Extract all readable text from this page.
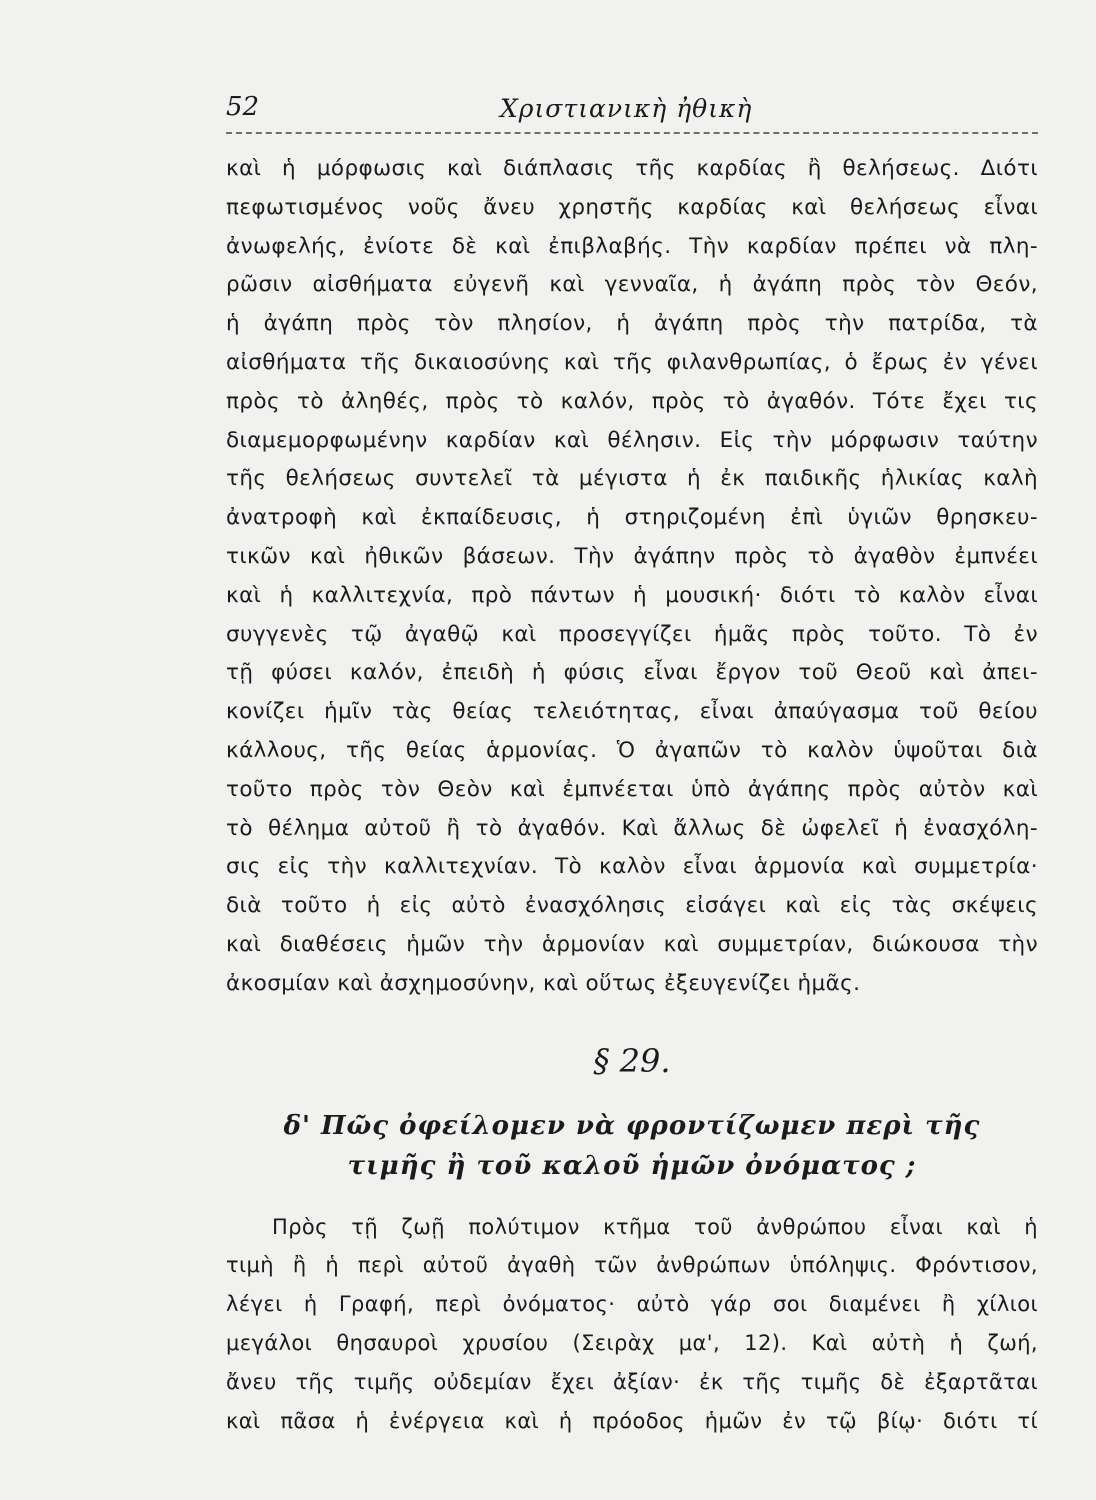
52	Χριστιανικὴ ἠθικὴ
καὶ ἡ μόρφωσις καὶ διάπλασις τῆς καρδίας ἢ θελήσεως. Διότι
πεφωτισμένος νοῦς ἄνευ χρηστῆς καρδίας καὶ θελήσεως εἶναι
ἀνωφελής, ἐνίοτε δὲ καὶ ἐπιβλαβής. Τὴν καρδίαν πρέπει νὰ πλη-
ρῶσιν αἰσθήματα εὐγενῆ καὶ γενναῖα, ἡ ἀγάπη πρὸς τὸν Θεόν,
ἡ ἀγάπη πρὸς τὸν πλησίον, ἡ ἀγάπη πρὸς τὴν πατρίδα, τὰ
αἰσθήματα τῆς δικαιοσύνης καὶ τῆς φιλανθρωπίας, ὁ ἔρως ἐν γένει
πρὸς τὸ ἀληθές, πρὸς τὸ καλόν, πρὸς τὸ ἀγαθόν. Τότε ἔχει τις
διαμεμορφωμένην καρδίαν καὶ θέλησιν. Εἰς τὴν μόρφωσιν ταύτην
τῆς θελήσεως συντελεῖ τὰ μέγιστα ἡ ἐκ παιδικῆς ἡλικίας καλὴ
ἀνατροφὴ καὶ ἐκπαίδευσις, ἡ στηριζομένη ἐπὶ ὑγιῶν θρησκευ-
τικῶν καὶ ἠθικῶν βάσεων. Τὴν ἀγάπην πρὸς τὸ ἀγαθὸν ἐμπνέει
καὶ ἡ καλλιτεχνία, πρὸ πάντων ἡ μουσική· διότι τὸ καλὸν εἶναι
συγγενὲς τῷ ἀγαθῷ καὶ προσεγγίζει ἡμᾶς πρὸς τοῦτο. Τὸ ἐν
τῇ φύσει καλόν, ἐπειδὴ ἡ φύσις εἶναι ἔργον τοῦ Θεοῦ καὶ ἀπει-
κονίζει ἡμῖν τὰς θείας τελειότητας, εἶναι ἀπαύγασμα τοῦ θείου
κάλλους, τῆς θείας ἁρμονίας. Ὁ ἀγαπῶν τὸ καλὸν ὑψοῦται διὰ
τοῦτο πρὸς τὸν Θεὸν καὶ ἐμπνέεται ὑπὸ ἀγάπης πρὸς αὐτὸν καὶ
τὸ θέλημα αὐτοῦ ἢ τὸ ἀγαθόν. Καὶ ἄλλως δὲ ὠφελεῖ ἡ ἐνασχόλη-
σις εἰς τὴν καλλιτεχνίαν. Τὸ καλὸν εἶναι ἁρμονία καὶ συμμετρία·
διὰ τοῦτο ἡ εἰς αὐτὸ ἐνασχόλησις εἰσάγει καὶ εἰς τὰς σκέψεις
καὶ διαθέσεις ἡμῶν τὴν ἁρμονίαν καὶ συμμετρίαν, διώκουσα τὴν
ἀκοσμίαν καὶ ἀσχημοσύνην, καὶ οὕτως ἐξευγενίζει ἡμᾶς.
§ 29.
δ' Πῶς ὀφείλομεν νὰ φροντίζωμεν περὶ τῆς
τιμῆς ἢ τοῦ καλοῦ ἡμῶν ὀνόματος ;
Πρὸς τῇ ζωῇ πολύτιμον κτῆμα τοῦ ἀνθρώπου εἶναι καὶ ἡ
τιμὴ ἢ ἡ περὶ αὐτοῦ ἀγαθὴ τῶν ἀνθρώπων ὑπόληψις. Φρόντισον,
λέγει ἡ Γραφή, περὶ ὀνόματος· αὐτὸ γάρ σοι διαμένει ἢ χίλιοι
μεγάλοι θησαυροὶ χρυσίου (Σειρὰχ μα', 12). Καὶ αὐτὴ ἡ ζωή,
ἄνευ τῆς τιμῆς οὐδεμίαν ἔχει ἀξίαν· ἐκ τῆς τιμῆς δὲ ἐξαρτᾶται
καὶ πᾶσα ἡ ἐνέργεια καὶ ἡ πρόοδος ἡμῶν ἐν τῷ βίῳ· διότι τί
